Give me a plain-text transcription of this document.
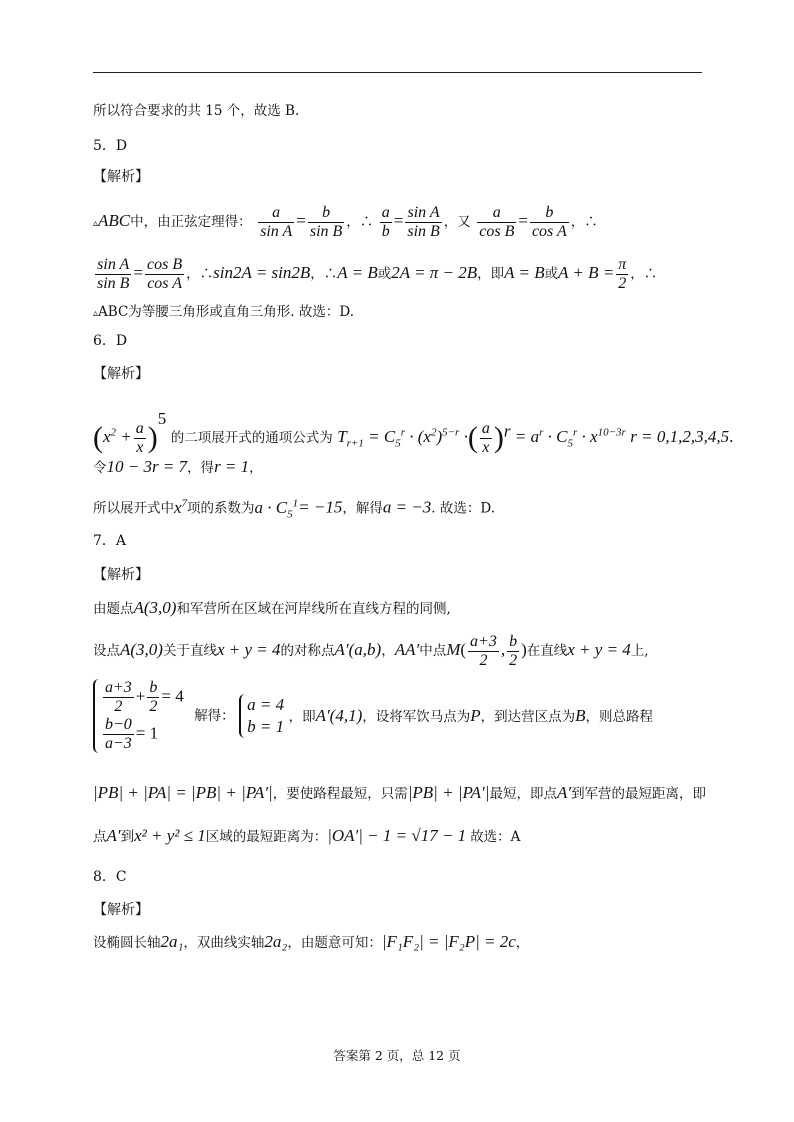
所以符合要求的共 15 个，故选 B.
5．D
【解析】
▵ABC中，由正弦定理得： $\frac{a}{\text{sin A}} = \frac{b}{\text{sin B}}$ ，∴ $\frac{a}{b} = \frac{\text{sin A}}{\text{sin B}}$ ，又 $\frac{a}{\text{cos B}} = \frac{b}{\text{cos A}}$ ，∴
$\frac{\text{sin A}}{\text{sin B}} = \frac{\text{cos B}}{\text{cos A}}$ ，∴sin2A = sin2B，∴A = B或2A = π − 2B，即A = B或$A + B = \frac{\pi}{2}$ ，∴
▵ABC为等腰三角形或直角三角形. 故选：D.
6．D
【解析】
$(x^2 + \frac{a}{x} )^5$ 的二项展开式的通项公式为 $T_{r+1} = C_5^r \cdot (x^2)^{5-r}$ ·( $\frac{a}{x} )^r = a^r \cdot C_5^r \cdot x^{10-3r}$ r = 0,1,2,3,4,5.
令10 − 3r = 7，得r = 1，
所以展开式中$x^7$项的系数为$a \cdot C_5^1= -15$，解得a = −3. 故选：D.
7．A
【解析】
由题点A(3,0)和军营所在区域在河岸线所在直线方程的同侧,
设点A(3,0)关于直线x + y = 4的对称点A′(a,b)，AA′中点$M( \frac{a+3}{2}$ , $\frac{b}{2}$ )在直线x + y = 4上,
$\frac{a+3}{2} + \frac{b}{2} = 4$
$\frac{b-0}{a-3} = 1$
解得：
a = 4
b = 1
，即A′(4,1)，设将军饮马点为P，到达营区点为B，则总路程
|PB| + |PA| = |PB| + |PA′|，要使路程最短，只需|PB| + |PA′|最短，即点A′到军营的最短距离，即
点A′到x² + y² ≤ 1区域的最短距离为：|OA′| − 1 = √17 − 1 故选：A
8．C
【解析】
设椭圆长轴2a₁，双曲线实轴2a₂，由题意可知：|F₁F₂| = |F₂P| = 2c，
答案第 2 页，总 12 页
